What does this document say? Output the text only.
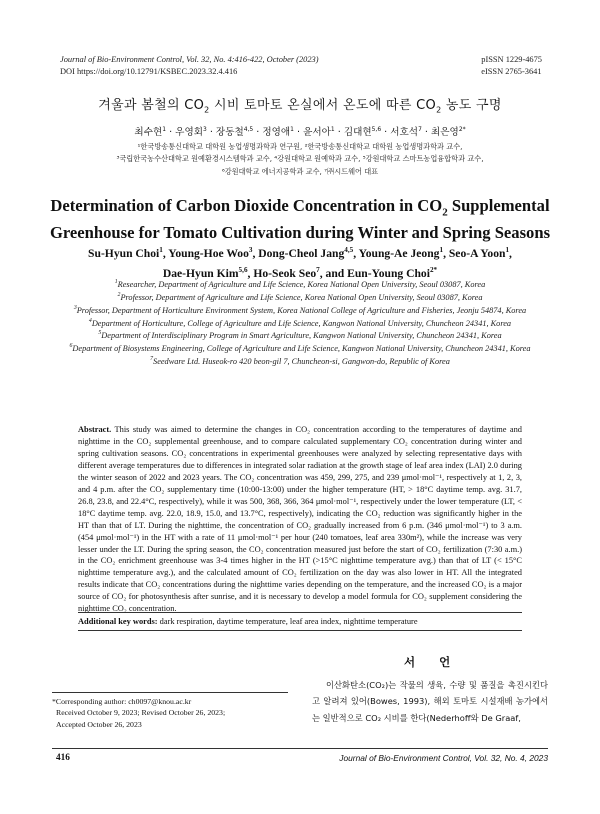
Journal of Bio-Environment Control, Vol. 32, No. 4:416-422, October (2023)
DOI https://doi.org/10.12791/KSBEC.2023.32.4.416
pISSN 1229-4675
eISSN 2765-3641
겨울과 봄철의 $CO_2$ 시비 토마토 온실에서 온도에 따른 $CO_2$ 농도 구명
최수현$^1$ · 우영회$^3$ · 장동철$^{4,5}$ · 정영애$^1$ · 윤서아$^1$ · 김대현$^{5,6}$ · 서호석$^7$ · 최은영$^{2*}$
¹한국방송통신대학교 대학원 농업생명과학과 연구원, ²한국방송통신대학교 대학원 농업생명과학과 교수,
³국립한국농수산대학교 원예환경시스템학과 교수, ⁴강원대학교 원예학과 교수, ⁵강원대학교 스마트농업융합학과 교수,
⁶강원대학교 에너지공학과 교수, ⁷㈜시드웨어 대표
Determination of Carbon Dioxide Concentration in $CO_2$ Supplemental
Greenhouse for Tomato Cultivation during Winter and Spring Seasons
Su-Hyun Choi$^1$, Young-Hoe Woo$^3$, Dong-Cheol Jang$^{4,5}$, Young-Ae Jeong$^1$, Seo-A Yoon$^1$,
Dae-Hyun Kim$^{5,6}$, Ho-Seok Seo$^7$, and Eun-Young Choi$^{2*}$
$^1$Researcher, Department of Agriculture and Life Science, Korea National Open University, Seoul 03087, Korea
$^2$Professor, Department of Agriculture and Life Science, Korea National Open University, Seoul 03087, Korea
$^3$Professor, Department of Horticulture Environment System, Korea National College of Agriculture and Fisheries, Jeonju 54874, Korea
$^4$Department of Horticulture, College of Agriculture and Life Science, Kangwon National University, Chuncheon 24341, Korea
$^5$Department of Interdisciplinary Program in Smart Agriculture, Kangwon National University, Chuncheon 24341, Korea
$^6$Department of Biosystems Engineering, College of Agriculture and Life Science, Kangwon National University, Chuncheon 24341, Korea
$^7$Seedware Ltd. Huseok-ro 420 beon-gil 7, Chuncheon-si, Gangwon-do, Republic of Korea
Abstract. This study was aimed to determine the changes in CO₂ concentration according to the temperatures of daytime and nighttime in the CO₂ supplemental greenhouse, and to compare calculated supplementary CO₂ concentration during winter and spring cultivation seasons. CO₂ concentrations in experimental greenhouses were analyzed by selecting representative days with different average temperatures due to differences in integrated solar radiation at the growth stage of leaf area index (LAI) 2.0 during the winter season of 2022 and 2023 years. The CO₂ concentration was 459, 299, 275, and 239 μmol·mol⁻¹, respectively at 1, 2, 3, and 4 p.m. after the CO₂ supplementary time (10:00-13:00) under the higher temperature (HT, > 18°C daytime temp. avg. 31.7, 26.8, 23.8, and 22.4°C, respectively), while it was 500, 368, 366, 364 μmol·mol⁻¹, respectively under the lower temperature (LT, < 18°C daytime temp. avg. 22.0, 18.9, 15.0, and 13.7°C, respectively), indicating the CO₂ reduction was significantly higher in the HT than that of LT. During the nighttime, the concentration of CO₂ gradually increased from 6 p.m. (346 μmol·mol⁻¹) to 3 a.m. (454 μmol·mol⁻¹) in the HT with a rate of 11 μmol·mol⁻¹ per hour (240 tomatoes, leaf area 330m²), while the increase was very lesser under the LT. During the spring season, the CO₂ concentration measured just before the start of CO₂ fertilization (7:30 a.m.) in the CO₂ enrichment greenhouse was 3-4 times higher in the HT (>15°C nighttime temperature avg.) than that of LT (< 15°C nighttime temperature avg.), and the calculated amount of CO₂ fertilization on the day was also lower in HT. All the integrated results indicate that CO₂ concentrations during the nighttime varies depending on the temperature, and the increased CO₂ is a major source of CO₂ for photosynthesis after sunrise, and it is necessary to develop a model formula for CO₂ supplement considering the nighttime CO₂ concentration.
Additional key words: dark respiration, daytime temperature, leaf area index, nighttime temperature
서 언

이산화탄소(CO₂)는 작물의 생육, 수량 및 품질을 촉진시킨다고 알려져 있어(Bowes, 1993), 해외 토마토 시설재배 농가에서는 일반적으로 CO₂ 시비를 한다(Nederhoff와 De Graaf,

*Corresponding author: ch0097@knou.ac.kr
Received October 9, 2023; Revised October 26, 2023;
Accepted October 26, 2023
416	Journal of Bio-Environment Control, Vol. 32, No. 4, 2023
